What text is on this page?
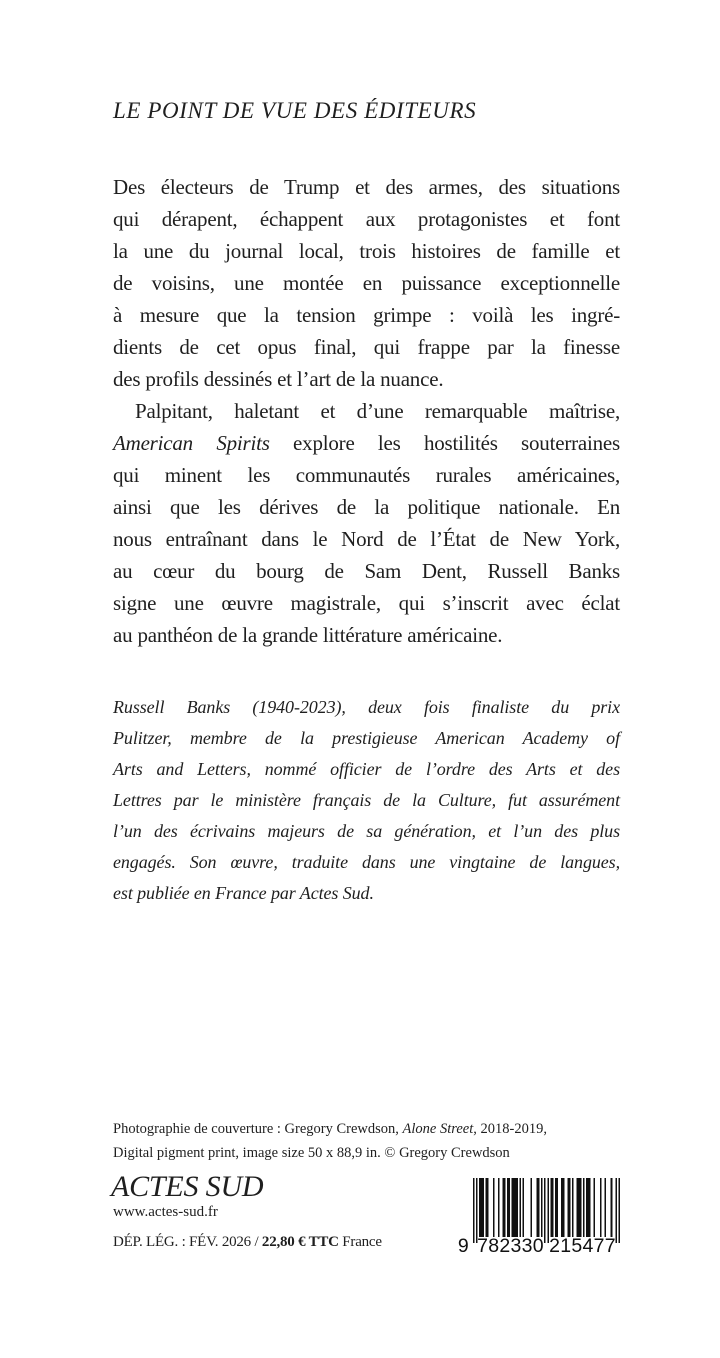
LE POINT DE VUE DES ÉDITEURS
Des électeurs de Trump et des armes, des situations
qui dérapent, échappent aux protagonistes et font
la une du journal local, trois histoires de famille et
de voisins, une montée en puissance exceptionnelle
à mesure que la tension grimpe : voilà les ingré-
dients de cet opus final, qui frappe par la finesse
des profils dessinés et l’art de la nuance.
Palpitant, haletant et d’une remarquable maîtrise,
American Spirits explore les hostilités souterraines
qui minent les communautés rurales américaines,
ainsi que les dérives de la politique nationale. En
nous entraînant dans le Nord de l’État de New York,
au cœur du bourg de Sam Dent, Russell Banks
signe une œuvre magistrale, qui s’inscrit avec éclat
au panthéon de la grande littérature américaine.
Russell Banks (1940-2023), deux fois finaliste du prix
Pulitzer, membre de la prestigieuse American Academy of
Arts and Letters, nommé officier de l’ordre des Arts et des
Lettres par le ministère français de la Culture, fut assurément
l’un des écrivains majeurs de sa génération, et l’un des plus
engagés. Son œuvre, traduite dans une vingtaine de langues,
est publiée en France par Actes Sud.
Photographie de couverture : Gregory Crewdson, Alone Street, 2018-2019,
Digital pigment print, image size 50 x 88,9 in. © Gregory Crewdson
ACTES SUD
www.actes-sud.fr
DÉP. LÉG. : FÉV. 2026 / 22,80 € TTC France	9 782330 215477
